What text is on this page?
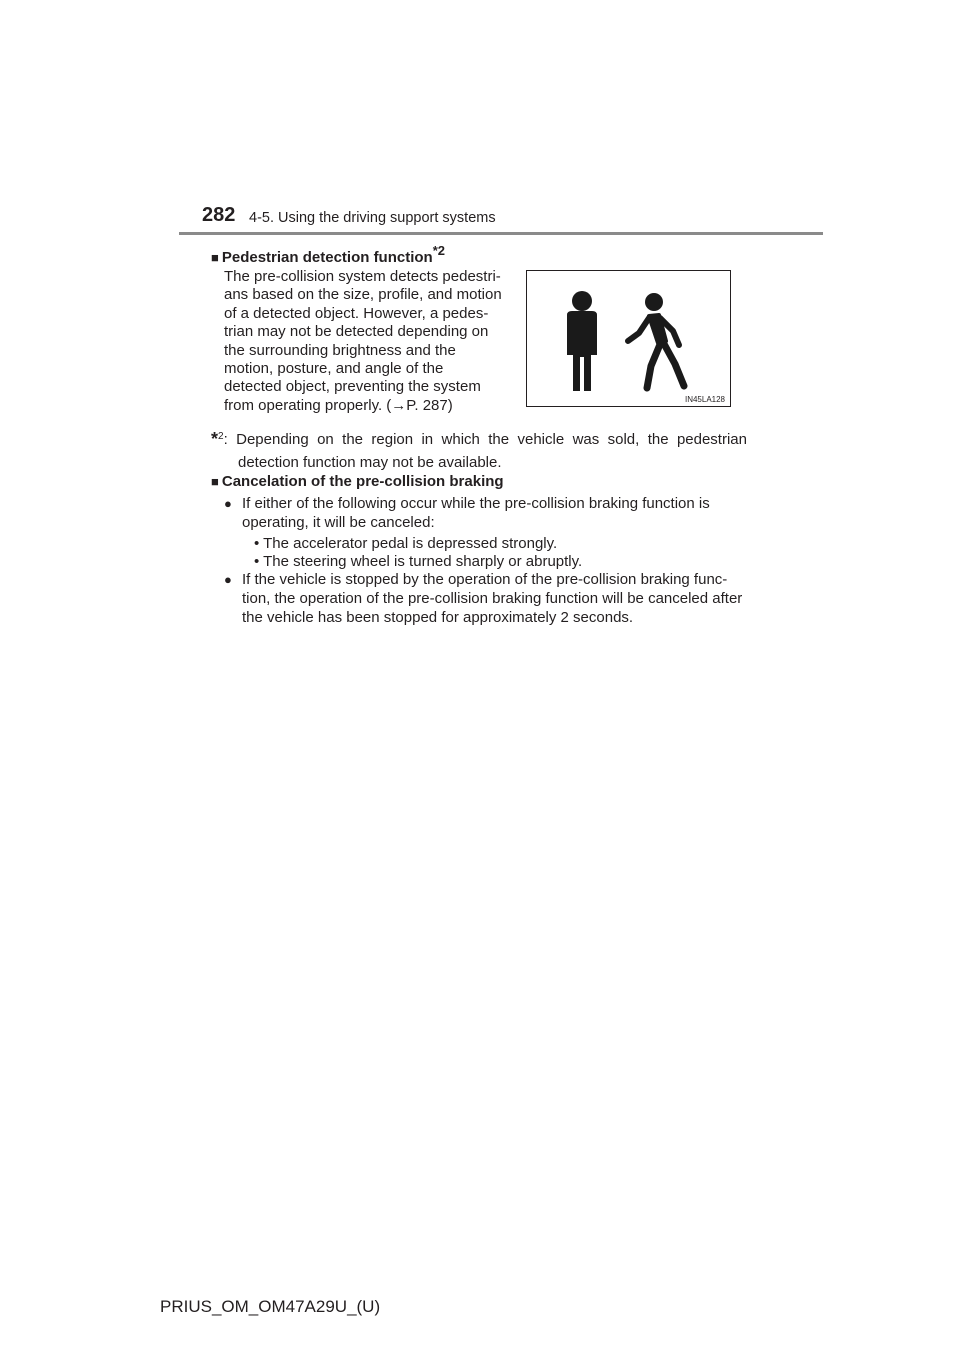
282 4-5. Using the driving support systems
■ Pedestrian detection function$^{*2}$
The pre-collision system detects pedestri-
ans based on the size, profile, and motion
of a detected object. However, a pedes-
trian may not be detected depending on
the surrounding brightness and the
motion, posture, and angle of the
detected object, preventing the system
from operating properly. (→P. 287)	IN45LA128
*$^2$: Depending on the region in which the vehicle was sold, the pedestrian
detection function may not be available.
■ Cancelation of the pre-collision braking
● If either of the following occur while the pre-collision braking function is
operating, it will be canceled:
• The accelerator pedal is depressed strongly.
• The steering wheel is turned sharply or abruptly.
● If the vehicle is stopped by the operation of the pre-collision braking func-
tion, the operation of the pre-collision braking function will be canceled after
the vehicle has been stopped for approximately 2 seconds.
PRIUS_OM_OM47A29U_(U)
